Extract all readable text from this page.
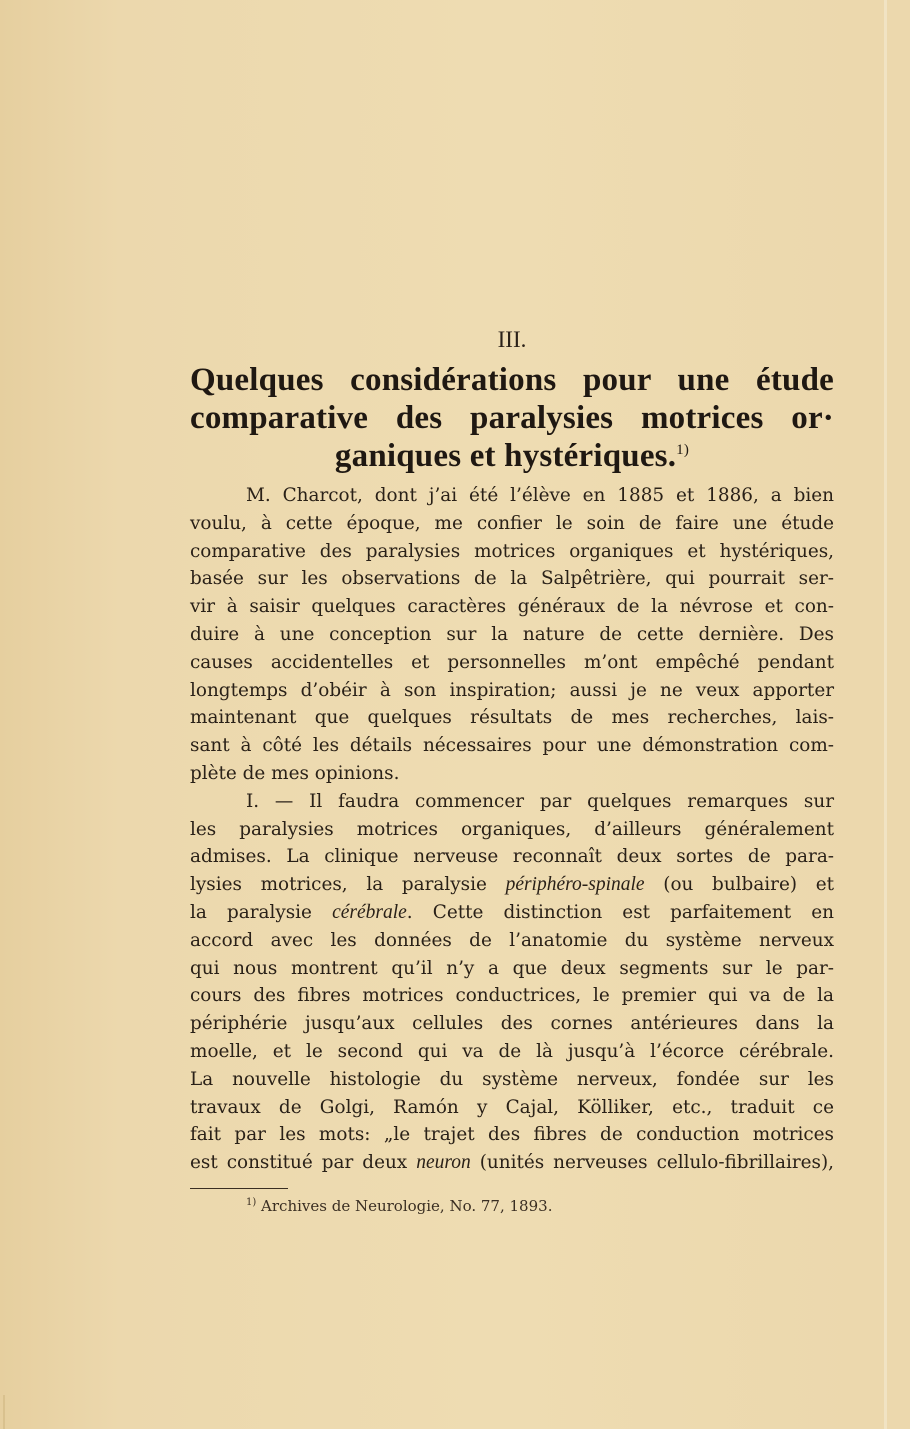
III.
Quelques considérations pour une étude
comparative des paralysies motrices or·
ganiques et hystériques.$^{1)}$

M. Charcot, dont j’ai été l’élève en 1885 et 1886, a bien
voulu, à cette époque, me confier le soin de faire une étude
comparative des paralysies motrices organiques et hystériques,
basée sur les observations de la Salpêtrière, qui pourrait ser-
vir à saisir quelques caractères généraux de la névrose et con-
duire à une conception sur la nature de cette dernière. Des
causes accidentelles et personnelles m’ont empêché pendant
longtemps d’obéir à son inspiration; aussi je ne veux apporter
maintenant que quelques résultats de mes recherches, lais-
sant à côté les détails nécessaires pour une démonstration com-
plète de mes opinions.

I. — Il faudra commencer par quelques remarques sur
les paralysies motrices organiques, d’ailleurs généralement
admises. La clinique nerveuse reconnaît deux sortes de para-
lysies motrices, la paralysie périphéro-spinale (ou bulbaire) et
la paralysie cérébrale. Cette distinction est parfaitement en
accord avec les données de l’anatomie du système nerveux
qui nous montrent qu’il n’y a que deux segments sur le par-
cours des fibres motrices conductrices, le premier qui va de la
périphérie jusqu’aux cellules des cornes antérieures dans la
moelle, et le second qui va de là jusqu’à l’écorce cérébrale.
La nouvelle histologie du système nerveux, fondée sur les
travaux de Golgi, Ramón y Cajal, Kölliker, etc., traduit ce
fait par les mots: „le trajet des fibres de conduction motrices
est constitué par deux neuron (unités nerveuses cellulo-fibrillaires),

$^{1)}$ Archives de Neurologie, No. 77, 1893.
